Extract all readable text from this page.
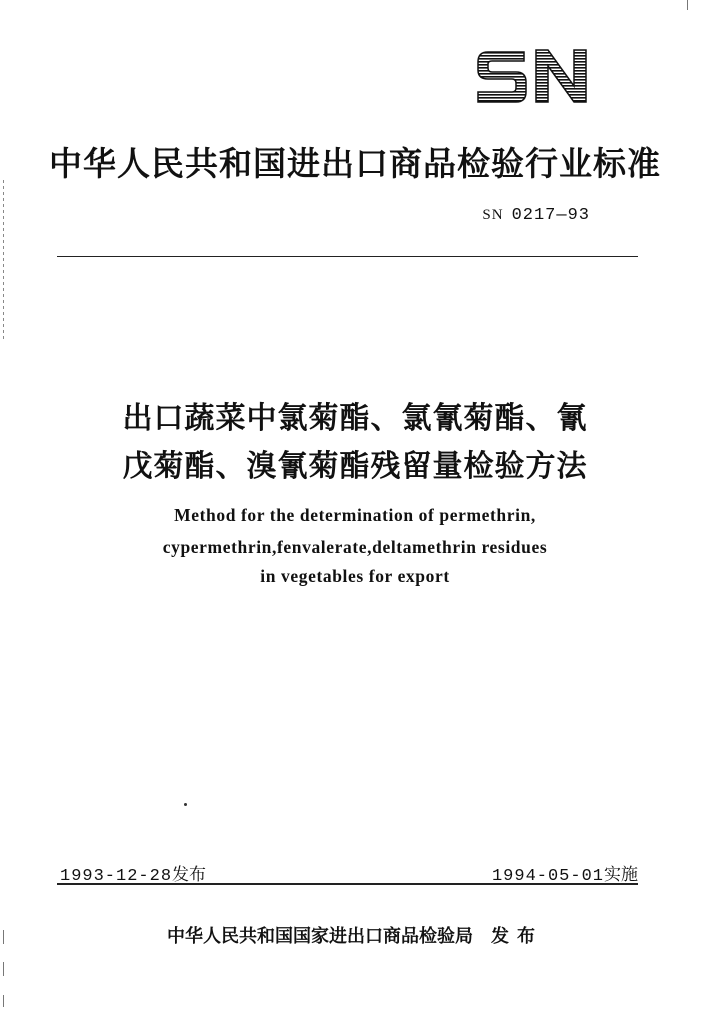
中华人民共和国进出口商品检验行业标准
SN 0217—93
出口蔬菜中氯菊酯、氯氰菊酯、氰
戊菊酯、溴氰菊酯残留量检验方法
Method for the determination of permethrin,
cypermethrin,fenvalerate,deltamethrin residues
in vegetables for export
1993-12-28发布	1994-05-01实施
中华人民共和国国家进出口商品检验局 发布
